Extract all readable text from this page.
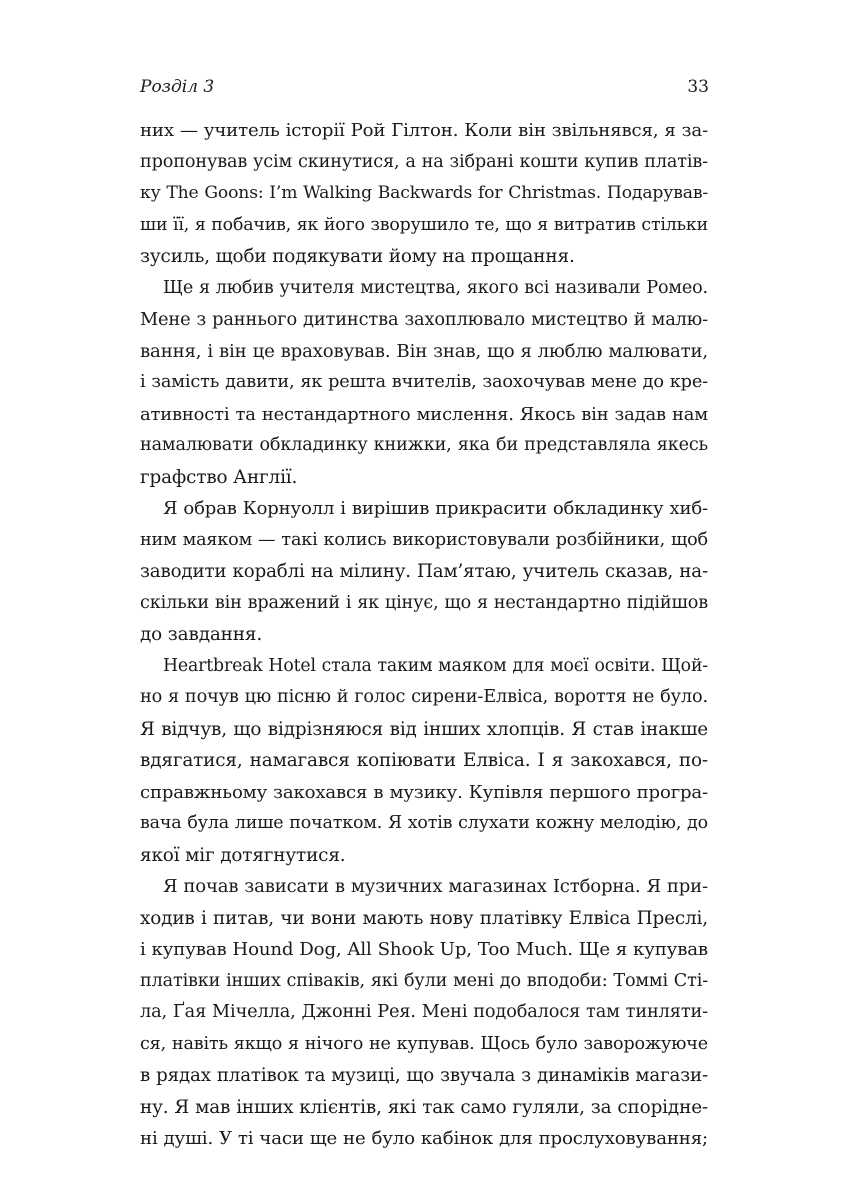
Розділ 3	33
них — учитель історії Рой Гілтон. Коли він звільнявся, я за-
пропонував усім скинутися, а на зібрані кошти купив платів-
ку The Goons: I’m Walking Backwards for Christmas. Подарував-
ши її, я побачив, як його зворушило те, що я витратив стільки
зусиль, щоби подякувати йому на прощання.
Ще я любив учителя мистецтва, якого всі називали Ромео.
Мене з раннього дитинства захоплювало мистецтво й малю-
вання, і він це враховував. Він знав, що я люблю малювати,
і замість давити, як решта вчителів, заохочував мене до кре-
ативності та нестандартного мислення. Якось він задав нам
намалювати обкладинку книжки, яка би представляла якесь
графство Англії.
Я обрав Корнуолл і вирішив прикрасити обкладинку хиб-
ним маяком — такі колись використовували розбійники, щоб
заводити кораблі на мілину. Пам’ятаю, учитель сказав, на-
скільки він вражений і як цінує, що я нестандартно підійшов
до завдання.
Heartbreak Hotel стала таким маяком для моєї освіти. Щой-
но я почув цю пісню й голос сирени-Елвіса, вороття не було.
Я відчув, що відрізняюся від інших хлопців. Я став інакше
вдягатися, намагався копіювати Елвіса. І я закохався, по-
справжньому закохався в музику. Купівля першого програ-
вача була лише початком. Я хотів слухати кожну мелодію, до
якої міг дотягнутися.
Я почав зависати в музичних магазинах Істборна. Я при-
ходив і питав, чи вони мають нову платівку Елвіса Преслі,
і купував Hound Dog, All Shook Up, Too Much. Ще я купував
платівки інших співаків, які були мені до вподоби: Томмі Сті-
ла, Ґая Мічелла, Джонні Рея. Мені подобалося там тинляти-
ся, навіть якщо я нічого не купував. Щось було заворожуюче
в рядах платівок та музиці, що звучала з динаміків магази-
ну. Я мав інших клієнтів, які так само гуляли, за спорідне-
ні душі. У ті часи ще не було кабінок для прослуховування;
